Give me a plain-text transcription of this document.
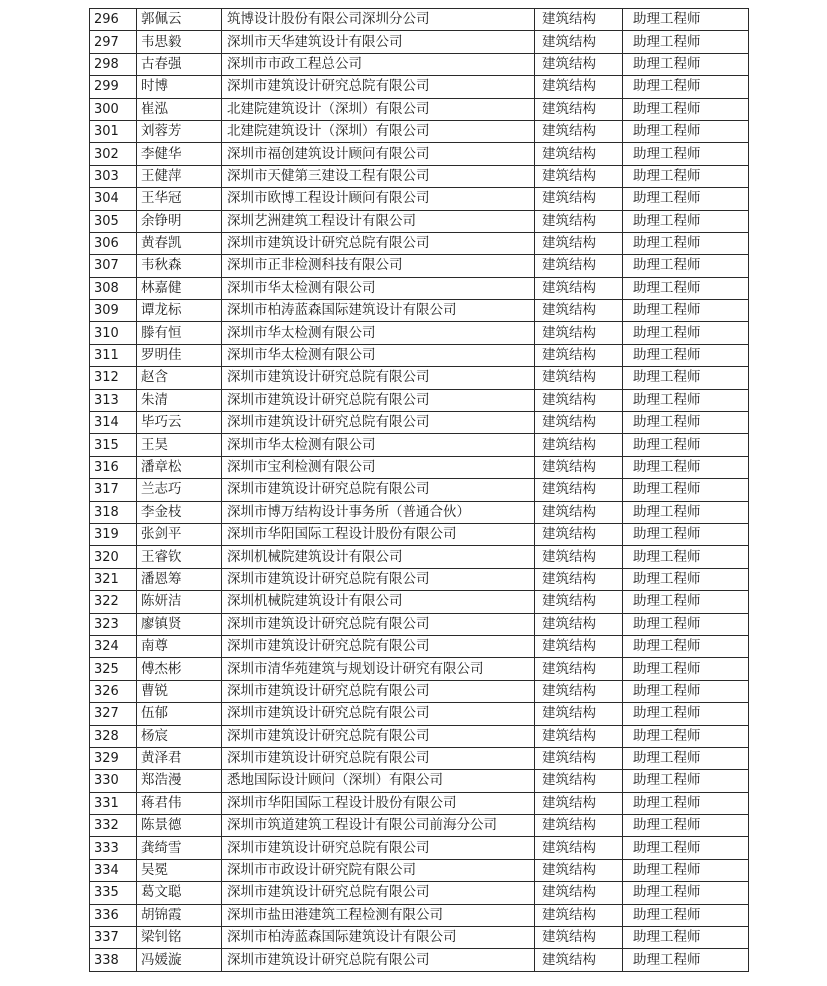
296	郭佩云	筑博设计股份有限公司深圳分公司	建筑结构	助理工程师
297	韦思毅	深圳市天华建筑设计有限公司	建筑结构	助理工程师
298	古春强	深圳市市政工程总公司	建筑结构	助理工程师
299	时博	深圳市建筑设计研究总院有限公司	建筑结构	助理工程师
300	崔泓	北建院建筑设计（深圳）有限公司	建筑结构	助理工程师
301	刘蓉芳	北建院建筑设计（深圳）有限公司	建筑结构	助理工程师
302	李健华	深圳市福创建筑设计顾问有限公司	建筑结构	助理工程师
303	王健萍	深圳市天健第三建设工程有限公司	建筑结构	助理工程师
304	王华冠	深圳市欧博工程设计顾问有限公司	建筑结构	助理工程师
305	余铮明	深圳艺洲建筑工程设计有限公司	建筑结构	助理工程师
306	黄春凯	深圳市建筑设计研究总院有限公司	建筑结构	助理工程师
307	韦秋森	深圳市正非检测科技有限公司	建筑结构	助理工程师
308	林嘉健	深圳市华太检测有限公司	建筑结构	助理工程师
309	谭龙标	深圳市柏涛蓝森国际建筑设计有限公司	建筑结构	助理工程师
310	滕有恒	深圳市华太检测有限公司	建筑结构	助理工程师
311	罗明佳	深圳市华太检测有限公司	建筑结构	助理工程师
312	赵含	深圳市建筑设计研究总院有限公司	建筑结构	助理工程师
313	朱清	深圳市建筑设计研究总院有限公司	建筑结构	助理工程师
314	毕巧云	深圳市建筑设计研究总院有限公司	建筑结构	助理工程师
315	王昊	深圳市华太检测有限公司	建筑结构	助理工程师
316	潘章松	深圳市宝利检测有限公司	建筑结构	助理工程师
317	兰志巧	深圳市建筑设计研究总院有限公司	建筑结构	助理工程师
318	李金枝	深圳市博万结构设计事务所（普通合伙）	建筑结构	助理工程师
319	张剑平	深圳市华阳国际工程设计股份有限公司	建筑结构	助理工程师
320	王睿钦	深圳机械院建筑设计有限公司	建筑结构	助理工程师
321	潘恩筹	深圳市建筑设计研究总院有限公司	建筑结构	助理工程师
322	陈妍洁	深圳机械院建筑设计有限公司	建筑结构	助理工程师
323	廖镇贤	深圳市建筑设计研究总院有限公司	建筑结构	助理工程师
324	南尊	深圳市建筑设计研究总院有限公司	建筑结构	助理工程师
325	傅杰彬	深圳市清华苑建筑与规划设计研究有限公司	建筑结构	助理工程师
326	曹锐	深圳市建筑设计研究总院有限公司	建筑结构	助理工程师
327	伍郁	深圳市建筑设计研究总院有限公司	建筑结构	助理工程师
328	杨宸	深圳市建筑设计研究总院有限公司	建筑结构	助理工程师
329	黄泽君	深圳市建筑设计研究总院有限公司	建筑结构	助理工程师
330	郑浩漫	悉地国际设计顾问（深圳）有限公司	建筑结构	助理工程师
331	蒋君伟	深圳市华阳国际工程设计股份有限公司	建筑结构	助理工程师
332	陈景德	深圳市筑道建筑工程设计有限公司前海分公司	建筑结构	助理工程师
333	龚绮雪	深圳市建筑设计研究总院有限公司	建筑结构	助理工程师
334	吴冕	深圳市市政设计研究院有限公司	建筑结构	助理工程师
335	葛文聪	深圳市建筑设计研究总院有限公司	建筑结构	助理工程师
336	胡锦霞	深圳市盐田港建筑工程检测有限公司	建筑结构	助理工程师
337	梁钊铭	深圳市柏涛蓝森国际建筑设计有限公司	建筑结构	助理工程师
338	冯媛漩	深圳市建筑设计研究总院有限公司	建筑结构	助理工程师
